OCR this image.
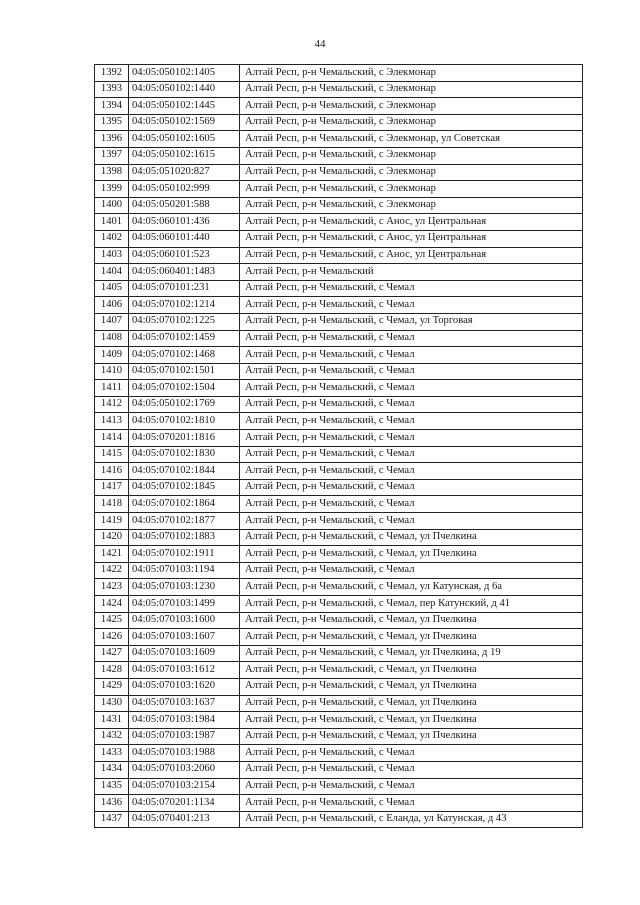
44
1392	04:05:050102:1405	Алтай Респ, р-н Чемальский, с Элекмонар
1393	04:05:050102:1440	Алтай Респ, р-н Чемальский, с Элекмонар
1394	04:05:050102:1445	Алтай Респ, р-н Чемальский, с Элекмонар
1395	04:05:050102:1569	Алтай Респ, р-н Чемальский, с Элекмонар
1396	04:05:050102:1605	Алтай Респ, р-н Чемальский, с Элекмонар, ул Советская
1397	04:05:050102:1615	Алтай Респ, р-н Чемальский, с Элекмонар
1398	04:05:051020:827	Алтай Респ, р-н Чемальский, с Элекмонар
1399	04:05:050102:999	Алтай Респ, р-н Чемальский, с Элекмонар
1400	04:05:050201:588	Алтай Респ, р-н Чемальский, с Элекмонар
1401	04:05:060101:436	Алтай Респ, р-н Чемальский, с Анос, ул Центральная
1402	04:05:060101:440	Алтай Респ, р-н Чемальский, с Анос, ул Центральная
1403	04:05:060101:523	Алтай Респ, р-н Чемальский, с Анос, ул Центральная
1404	04:05:060401:1483	Алтай Респ, р-н Чемальский
1405	04:05:070101:231	Алтай Респ, р-н Чемальский, с Чемал
1406	04:05:070102:1214	Алтай Респ, р-н Чемальский, с Чемал
1407	04:05:070102:1225	Алтай Респ, р-н Чемальский, с Чемал, ул Торговая
1408	04:05:070102:1459	Алтай Респ, р-н Чемальский, с Чемал
1409	04:05:070102:1468	Алтай Респ, р-н Чемальский, с Чемал
1410	04:05:070102:1501	Алтай Респ, р-н Чемальский, с Чемал
1411	04:05:070102:1504	Алтай Респ, р-н Чемальский, с Чемал
1412	04:05:050102:1769	Алтай Респ, р-н Чемальский, с Чемал
1413	04:05:070102:1810	Алтай Респ, р-н Чемальский, с Чемал
1414	04:05:070201:1816	Алтай Респ, р-н Чемальский, с Чемал
1415	04:05:070102:1830	Алтай Респ, р-н Чемальский, с Чемал
1416	04:05:070102:1844	Алтай Респ, р-н Чемальский, с Чемал
1417	04:05:070102:1845	Алтай Респ, р-н Чемальский, с Чемал
1418	04:05:070102:1864	Алтай Респ, р-н Чемальский, с Чемал
1419	04:05:070102:1877	Алтай Респ, р-н Чемальский, с Чемал
1420	04:05:070102:1883	Алтай Респ, р-н Чемальский, с Чемал, ул Пчелкина
1421	04:05:070102:1911	Алтай Респ, р-н Чемальский, с Чемал, ул Пчелкина
1422	04:05:070103:1194	Алтай Респ, р-н Чемальский, с Чемал
1423	04:05:070103:1230	Алтай Респ, р-н Чемальский, с Чемал, ул Катунская, д 6а
1424	04:05:070103:1499	Алтай Респ, р-н Чемальский, с Чемал, пер Катунский, д 41
1425	04:05:070103:1600	Алтай Респ, р-н Чемальский, с Чемал, ул Пчелкина
1426	04:05:070103:1607	Алтай Респ, р-н Чемальский, с Чемал, ул Пчелкина
1427	04:05:070103:1609	Алтай Респ, р-н Чемальский, с Чемал, ул Пчелкина, д 19
1428	04:05:070103:1612	Алтай Респ, р-н Чемальский, с Чемал, ул Пчелкина
1429	04:05:070103:1620	Алтай Респ, р-н Чемальский, с Чемал, ул Пчелкина
1430	04:05:070103:1637	Алтай Респ, р-н Чемальский, с Чемал, ул Пчелкина
1431	04:05:070103:1984	Алтай Респ, р-н Чемальский, с Чемал, ул Пчелкина
1432	04:05:070103:1987	Алтай Респ, р-н Чемальский, с Чемал, ул Пчелкина
1433	04:05:070103:1988	Алтай Респ, р-н Чемальский, с Чемал
1434	04:05:070103:2060	Алтай Респ, р-н Чемальский, с Чемал
1435	04:05:070103:2154	Алтай Респ, р-н Чемальский, с Чемал
1436	04:05:070201:1134	Алтай Респ, р-н Чемальский, с Чемал
1437	04:05:070401:213	Алтай Респ, р-н Чемальский, с Еланда, ул Катунская, д 43
